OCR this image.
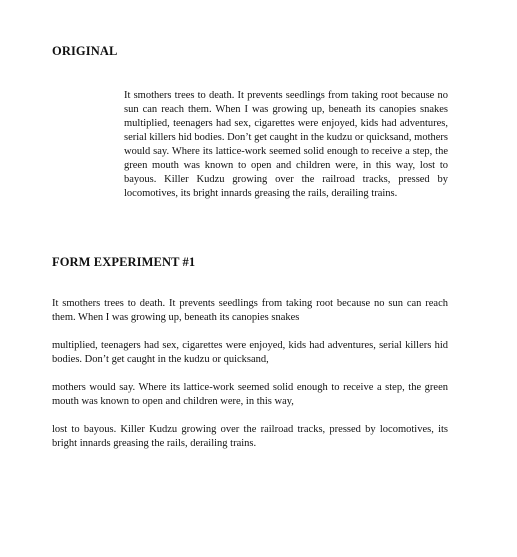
ORIGINAL

It smothers trees to death. It prevents seedlings from taking root because no sun can reach them. When I was growing up, beneath its canopies snakes multiplied, teenagers had sex, cigarettes were enjoyed, kids had adventures, serial killers hid bodies. Don’t get caught in the kudzu or quicksand, mothers would say. Where its lattice-work seemed solid enough to receive a step, the green mouth was known to open and children were, in this way, lost to bayous. Killer Kudzu growing over the railroad tracks, pressed by locomotives, its bright innards greasing the rails, derailing trains.

FORM EXPERIMENT #1

It smothers trees to death. It prevents seedlings from taking root because no sun can reach them. When I was growing up, beneath its canopies snakes

multiplied, teenagers had sex, cigarettes were enjoyed, kids had adventures, serial killers hid bodies. Don’t get caught in the kudzu or quicksand,

mothers would say. Where its lattice-work seemed solid enough to receive a step, the green mouth was known to open and children were, in this way,

lost to bayous. Killer Kudzu growing over the railroad tracks, pressed by locomotives, its bright innards greasing the rails, derailing trains.
